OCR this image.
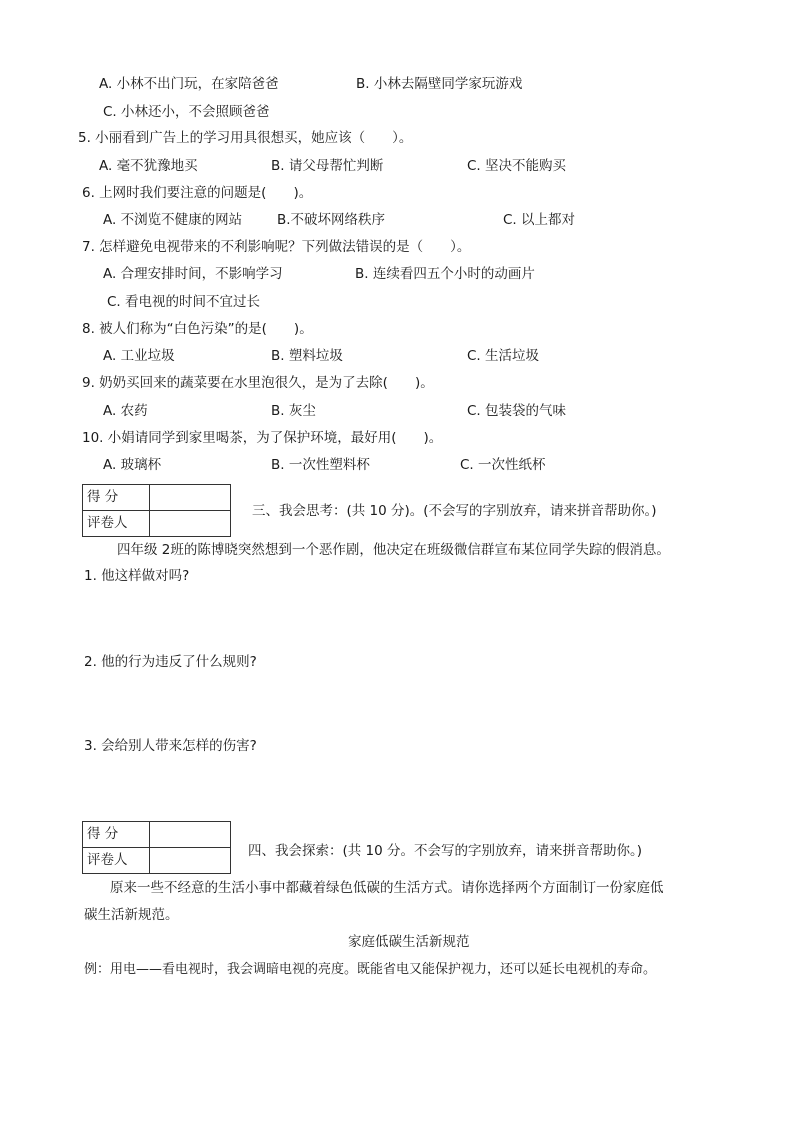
A. 小林不出门玩，在家陪爸爸	B. 小林去隔壁同学家玩游戏
C. 小林还小，不会照顾爸爸
5. 小丽看到广告上的学习用具很想买，她应该（　　）。
A. 毫不犹豫地买	B. 请父母帮忙判断	C. 坚决不能购买
6. 上网时我们要注意的问题是(　　)。
A. 不浏览不健康的网站	B.不破坏网络秩序	C. 以上都对
7. 怎样避免电视带来的不利影响呢？下列做法错误的是（　　）。
A. 合理安排时间，不影响学习	B. 连续看四五个小时的动画片
C. 看电视的时间不宜过长
8. 被人们称为“白色污染”的是(　　)。
A. 工业垃圾	B. 塑料垃圾	C. 生活垃圾
9. 奶奶买回来的蔬菜要在水里泡很久，是为了去除(　　)。
A. 农药	B. 灰尘	C. 包装袋的气味
10. 小娟请同学到家里喝茶，为了保护环境，最好用(　　)。
A. 玻璃杯	B. 一次性塑料杯	C. 一次性纸杯
得 分	
评卷人	
三、我会思考：(共 10 分)。(不会写的字别放弃，请来拼音帮助你。)
四年级 2班的陈博晓突然想到一个恶作剧，他决定在班级微信群宣布某位同学失踪的假消息。
1. 他这样做对吗?
2. 他的行为违反了什么规则?
3. 会给别人带来怎样的伤害?
得 分	
评卷人	
四、我会探索：(共 10 分。不会写的字别放弃，请来拼音帮助你。)
原来一些不经意的生活小事中都藏着绿色低碳的生活方式。请你选择两个方面制订一份家庭低
碳生活新规范。
家庭低碳生活新规范
例：用电——看电视时，我会调暗电视的亮度。既能省电又能保护视力，还可以延长电视机的寿命。
